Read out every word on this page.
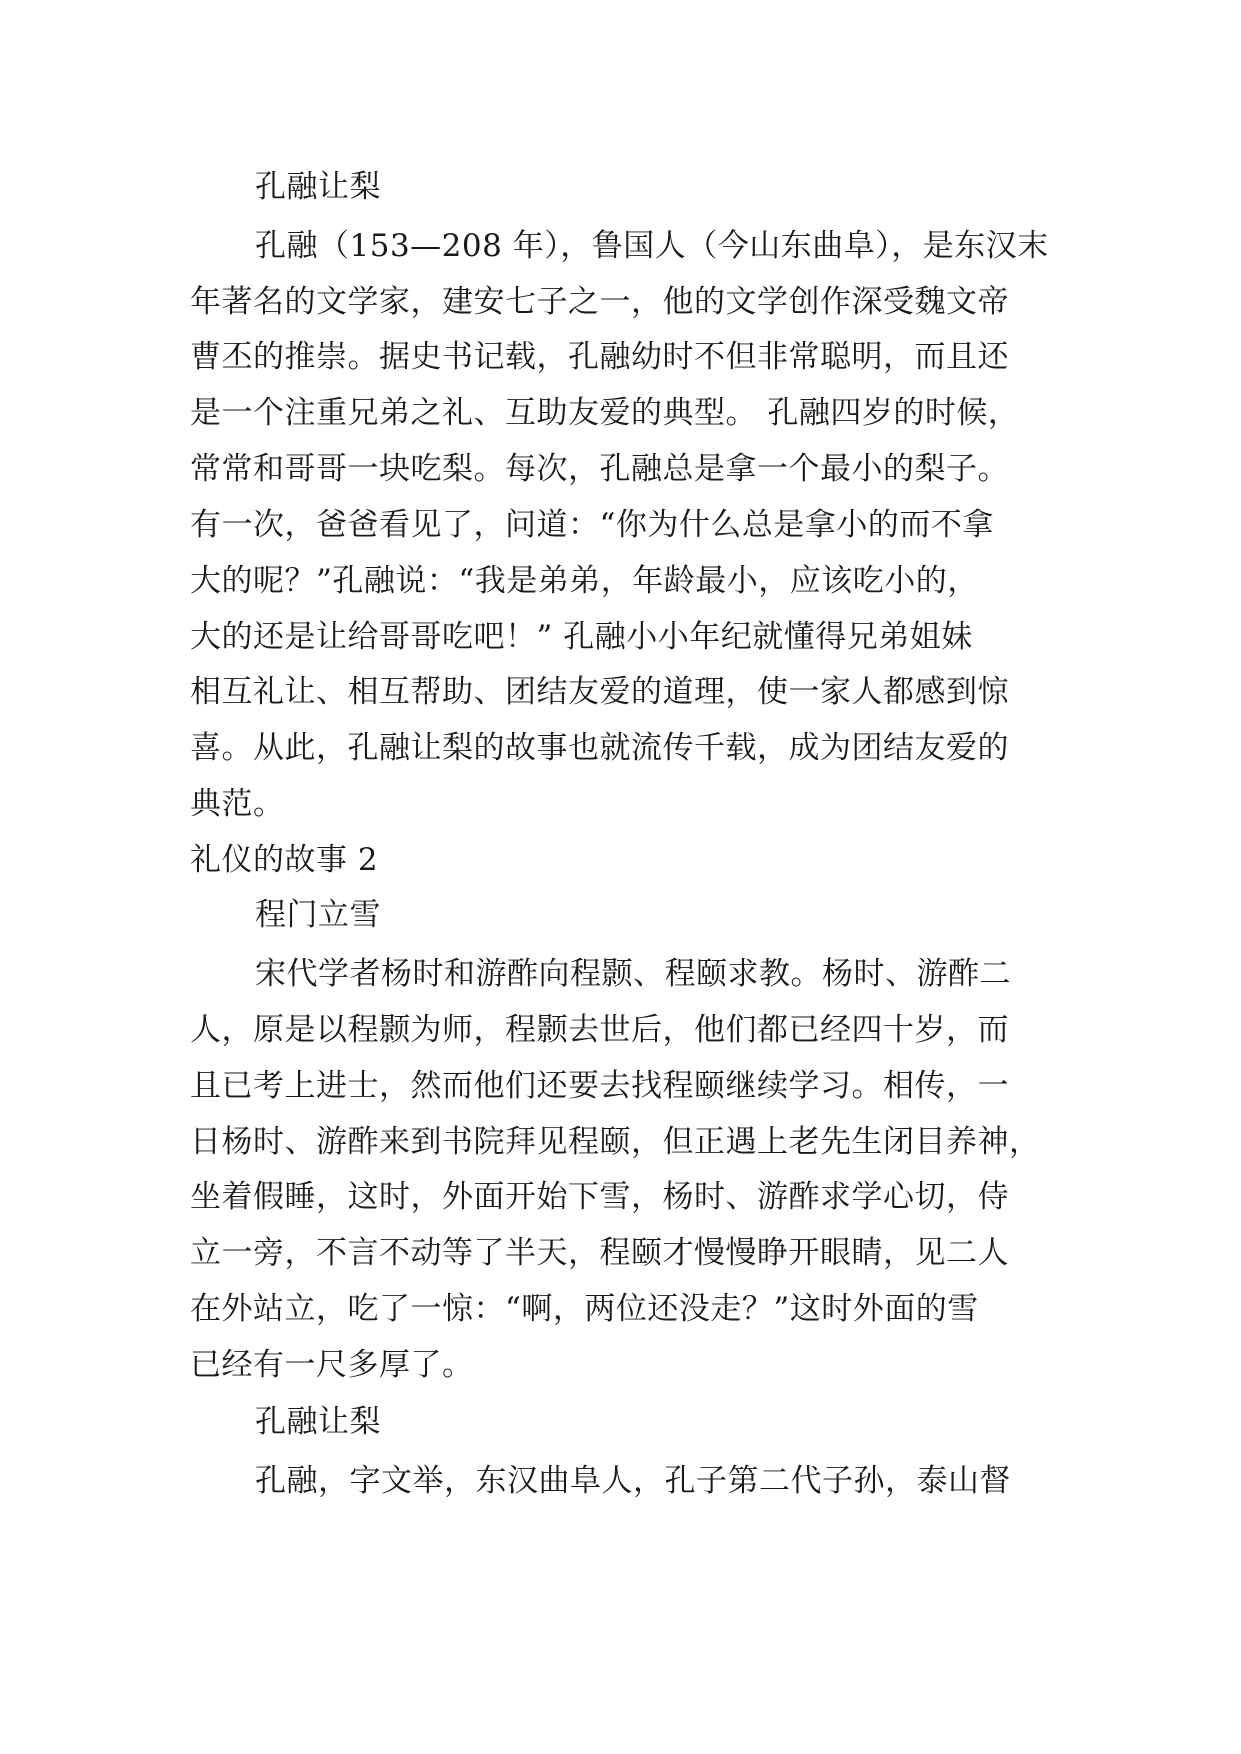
孔融让梨
孔融（153—208 年），鲁国人（今山东曲阜），是东汉末
年著名的文学家，建安七子之一，他的文学创作深受魏文帝
曹丕的推崇。据史书记载，孔融幼时不但非常聪明，而且还
是一个注重兄弟之礼、互助友爱的典型。 孔融四岁的时候，
常常和哥哥一块吃梨。每次，孔融总是拿一个最小的梨子。
有一次，爸爸看见了，问道：“你为什么总是拿小的而不拿
大的呢？”孔融说：“我是弟弟，年龄最小，应该吃小的，
大的还是让给哥哥吃吧！” 孔融小小年纪就懂得兄弟姐妹
相互礼让、相互帮助、团结友爱的道理，使一家人都感到惊
喜。从此，孔融让梨的故事也就流传千载，成为团结友爱的
典范。
礼仪的故事 2
程门立雪
宋代学者杨时和游酢向程颢、程颐求教。杨时、游酢二
人，原是以程颢为师，程颢去世后，他们都已经四十岁，而
且已考上进士，然而他们还要去找程颐继续学习。相传，一
日杨时、游酢来到书院拜见程颐，但正遇上老先生闭目养神，
坐着假睡，这时，外面开始下雪，杨时、游酢求学心切，侍
立一旁，不言不动等了半天，程颐才慢慢睁开眼睛，见二人
在外站立，吃了一惊：“啊，两位还没走？”这时外面的雪
已经有一尺多厚了。
孔融让梨
孔融，字文举，东汉曲阜人，孔子第二代子孙，泰山督
